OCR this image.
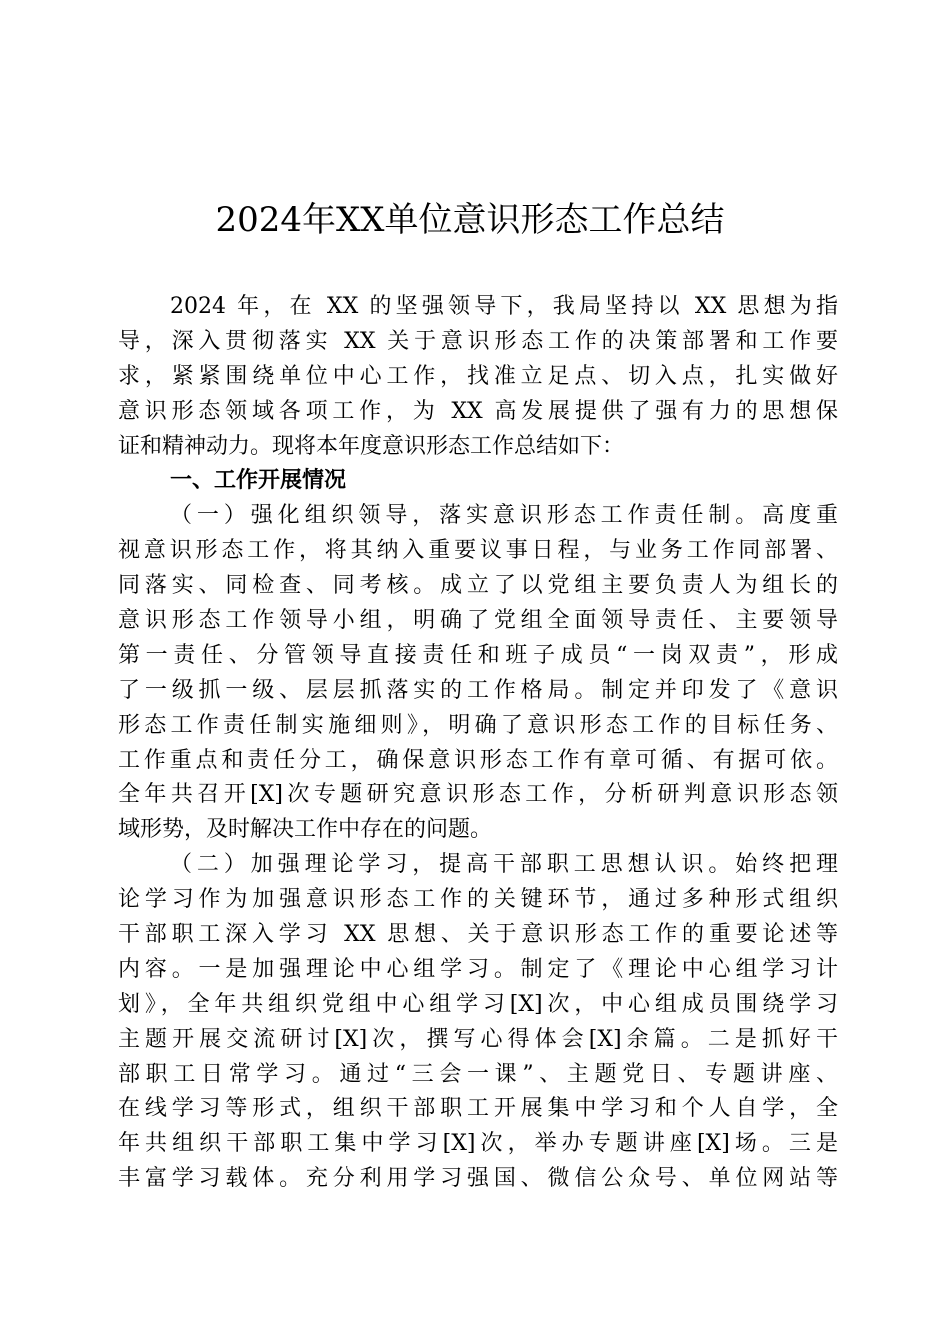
2024年XX单位意识形态工作总结
2024 年，在 XX 的坚强领导下，我局坚持以 XX 思想为指
导，深入贯彻落实 XX 关于意识形态工作的决策部署和工作要
求，紧紧围绕单位中心工作，找准立足点、切入点，扎实做好
意识形态领域各项工作，为 XX 高发展提供了强有力的思想保
证和精神动力。现将本年度意识形态工作总结如下：
一、工作开展情况
（一）强化组织领导，落实意识形态工作责任制。高度重
视意识形态工作，将其纳入重要议事日程，与业务工作同部署、
同落实、同检查、同考核。成立了以党组主要负责人为组长的
意识形态工作领导小组，明确了党组全面领导责任、主要领导
第一责任、分管领导直接责任和班子成员“一岗双责”，形成
了一级抓一级、层层抓落实的工作格局。制定并印发了《意识
形态工作责任制实施细则》，明确了意识形态工作的目标任务、
工作重点和责任分工，确保意识形态工作有章可循、有据可依。
全年共召开[X]次专题研究意识形态工作，分析研判意识形态领
域形势，及时解决工作中存在的问题。
（二）加强理论学习，提高干部职工思想认识。始终把理
论学习作为加强意识形态工作的关键环节，通过多种形式组织
干部职工深入学习 XX 思想、关于意识形态工作的重要论述等
内容。一是加强理论中心组学习。制定了《理论中心组学习计
划》，全年共组织党组中心组学习[X]次，中心组成员围绕学习
主题开展交流研讨[X]次，撰写心得体会[X]余篇。二是抓好干
部职工日常学习。通过“三会一课”、主题党日、专题讲座、
在线学习等形式，组织干部职工开展集中学习和个人自学，全
年共组织干部职工集中学习[X]次，举办专题讲座[X]场。三是
丰富学习载体。充分利用学习强国、微信公众号、单位网站等
